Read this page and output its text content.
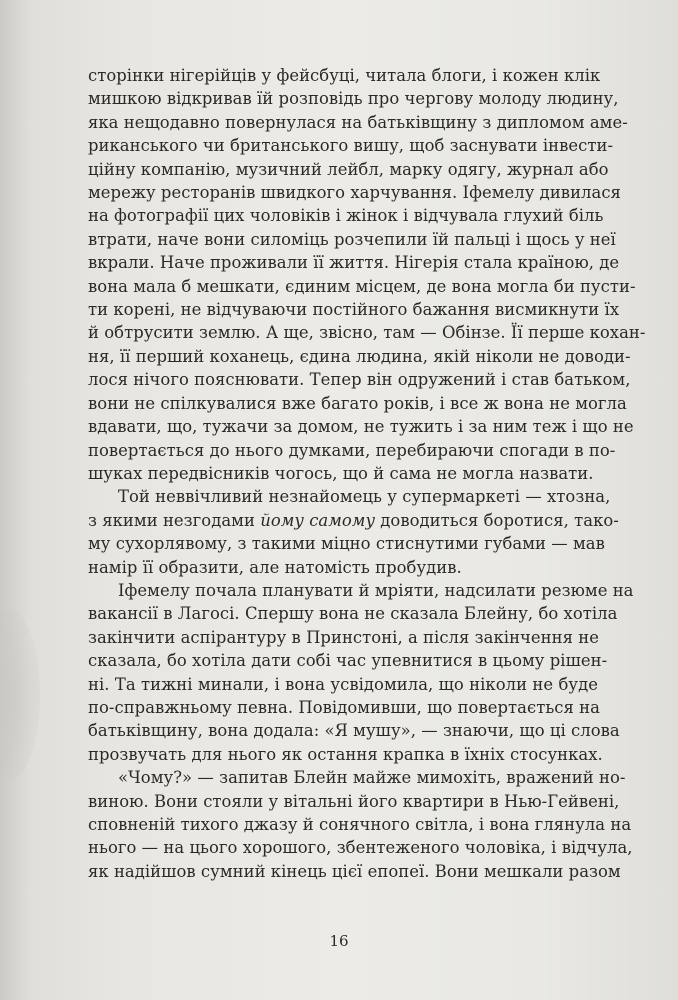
сторінки нігерійців у фейсбуці, читала блоги, і кожен клік
мишкою відкривав їй розповідь про чергову молоду людину,
яка нещодавно повернулася на батьківщину з дипломом аме-
риканського чи британського вишу, щоб заснувати інвести-
ційну компанію, музичний лейбл, марку одягу, журнал або
мережу ресторанів швидкого харчування. Іфемелу дивилася
на фотографії цих чоловіків і жінок і відчувала глухий біль
втрати, наче вони силоміць розчепили їй пальці і щось у неї
вкрали. Наче проживали її життя. Нігерія стала країною, де
вона мала б мешкати, єдиним місцем, де вона могла би пусти-
ти корені, не відчуваючи постійного бажання висмикнути їх
й обтрусити землю. А ще, звісно, там — Обінзе. Її перше кохан-
ня, її перший коханець, єдина людина, якій ніколи не доводи-
лося нічого пояснювати. Тепер він одружений і став батьком,
вони не спілкувалися вже багато років, і все ж вона не могла
вдавати, що, тужачи за домом, не тужить і за ним теж і що не
повертається до нього думками, перебираючи спогади в по-
шуках передвісників чогось, що й сама не могла назвати.
Той неввічливий незнайомець у супермаркеті — хтозна,
з якими незгодами йому самому доводиться боротися, тако-
му сухорлявому, з такими міцно стиснутими губами — мав
намір її образити, але натомість пробудив.
Іфемелу почала планувати й мріяти, надсилати резюме на
вакансії в Лагосі. Спершу вона не сказала Блейну, бо хотіла
закінчити аспірантуру в Принстоні, а після закінчення не
сказала, бо хотіла дати собі час упевнитися в цьому рішен-
ні. Та тижні минали, і вона усвідомила, що ніколи не буде
по-справжньому певна. Повідомивши, що повертається на
батьківщину, вона додала: «Я мушу», — знаючи, що ці слова
прозвучать для нього як остання крапка в їхніх стосунках.
«Чому?» — запитав Блейн майже мимохіть, вражений но-
виною. Вони стояли у вітальні його квартири в Нью-Гейвені,
сповненій тихого джазу й сонячного світла, і вона глянула на
нього — на цього хорошого, збентеженого чоловіка, і відчула,
як надійшов сумний кінець цієї епопеї. Вони мешкали разом
16
